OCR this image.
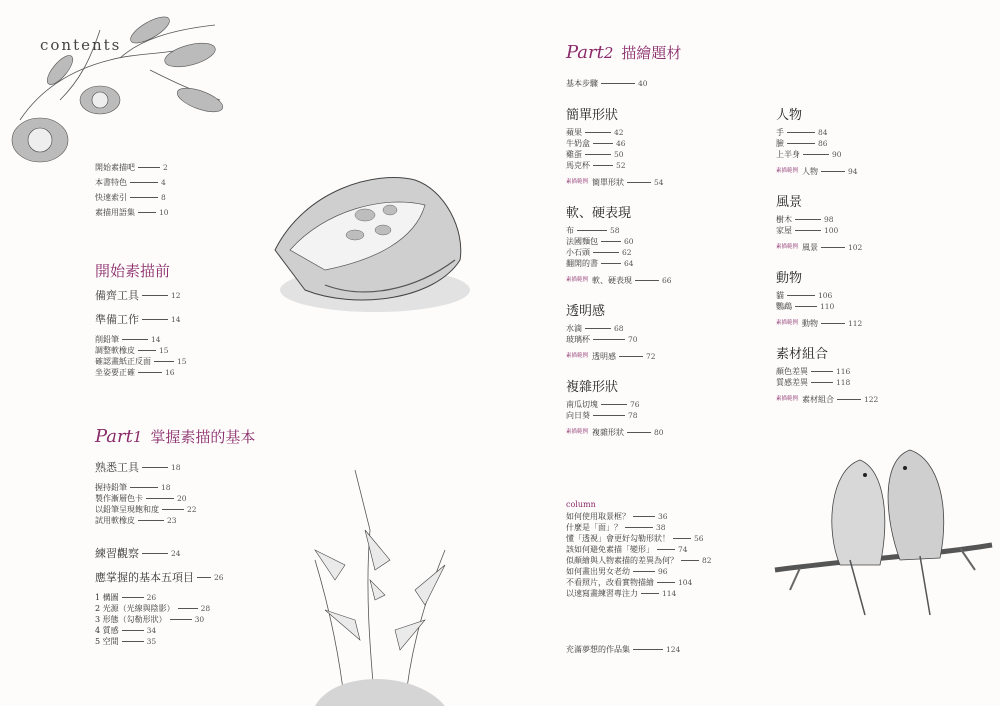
contents
開始素描吧	2
本書特色	4
快速索引	8
素描用語集	10
開始素描前
備齊工具	12
準備工作	14
削鉛筆	14
調整軟橡皮	15
確認畫紙正反面	15
坐姿要正確	16
Part 1 掌握素描的基本
熟悉工具	18
握持鉛筆	18
製作漸層色卡	20
以鉛筆呈現飽和度	22
試用軟橡皮	23
練習觀察	24
應掌握的基本五項目	26
1 構圖	26
2 光源（光線與陰影）	28
3 形態（勾勒形狀）	30
4 質感	34
5 空間	35
Part 2 描繪題材
基本步驟	40
簡單形狀
蘋果	42
牛奶盒	46
雞蛋	50
馬克杯	52
素描範例 簡單形狀	54
軟、硬表現
布	58
法國麵包	60
小石頭	62
翻開的書	64
素描範例 軟、硬表現	66
透明感
水滴	68
玻璃杯	70
素描範例 透明感	72
複雜形狀
南瓜切塊	76
向日葵	78
素描範例 複雜形狀	80
人物
手	84
臉	86
上半身	90
素描範例 人物	94
風景
樹木	98
家屋	100
素描範例 風景	102
動物
貓	106
鸚鵡	110
素描範例 動物	112
素材組合
顏色差異	116
質感差異	118
素描範例 素材組合	122
column
如何使用取景框？	36
什麼是「面」？	38
懂「透視」會更好勾勒形狀！	56
該如何避免素描「變形」	74
似顏繪與人物素描的差異為何？	82
如何畫出男女老幼	96
不看照片，改看實物描繪	104
以速寫畫練習專注力	114
充滿夢想的作品集	124
